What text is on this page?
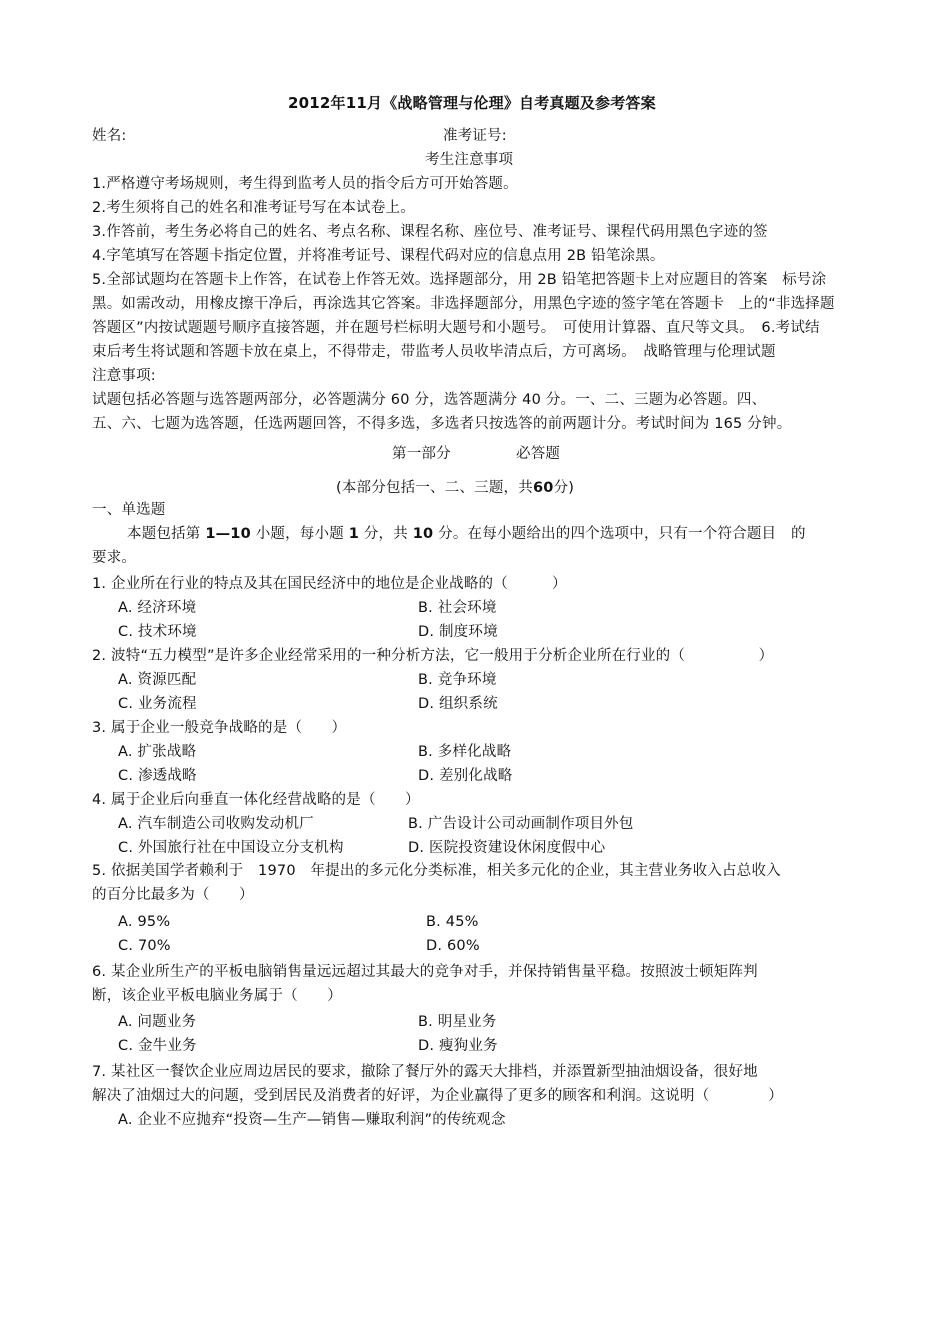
2012年11月《战略管理与伦理》自考真题及参考答案
姓名:	准考证号:
考生注意事项
1.严格遵守考场规则，考生得到监考人员的指令后方可开始答题。
2.考生须将自己的姓名和准考证号写在本试卷上。
3.作答前，考生务必将自己的姓名、考点名称、课程名称、座位号、准考证号、课程代码用黑色字迹的签
4.字笔填写在答题卡指定位置，并将准考证号、课程代码对应的信息点用 2B 铅笔涂黑。
5.全部试题均在答题卡上作答，在试卷上作答无效。选择题部分，用 2B 铅笔把答题卡上对应题目的答案　标号涂
黑。如需改动，用橡皮擦干净后，再涂选其它答案。非选择题部分，用黑色字迹的签字笔在答题卡　上的“非选择题
答题区”内按试题题号顺序直接答题，并在题号栏标明大题号和小题号。　可使用计算器、直尺等文具。　6.考试结
束后考生将试题和答题卡放在桌上，不得带走，带监考人员收毕清点后，方可离场。　战略管理与伦理试题
注意事项:
试题包括必答题与选答题两部分，必答题满分 60 分，选答题满分 40 分。一、二、三题为必答题。四、
五、六、七题为选答题，任选两题回答，不得多选，多选者只按选答的前两题计分。考试时间为 165 分钟。
第一部分	必答题
(本部分包括一、二、三题，共60分)
一、单选题
本题包括第 1—10 小题，每小题 1 分，共 10 分。在每小题给出的四个选项中，只有一个符合题目　的
要求。
1. 企业所在行业的特点及其在国民经济中的地位是企业战略的（　　　）
A. 经济环境	B. 社会环境
C. 技术环境	D. 制度环境
2. 波特“五力模型”是许多企业经常采用的一种分析方法，它一般用于分析企业所在行业的（　　　　　）
A. 资源匹配	B. 竞争环境
C. 业务流程	D. 组织系统
3. 属于企业一般竞争战略的是（　　）
A. 扩张战略	B. 多样化战略
C. 渗透战略	D. 差别化战略
4. 属于企业后向垂直一体化经营战略的是（　　）
A. 汽车制造公司收购发动机厂	B. 广告设计公司动画制作项目外包
C. 外国旅行社在中国设立分支机构	D. 医院投资建设休闲度假中心
5. 依据美国学者赖利于　1970　年提出的多元化分类标准，相关多元化的企业，其主营业务收入占总收入
的百分比最多为（　　）
A. 95%	B. 45%
C. 70%	D. 60%
6. 某企业所生产的平板电脑销售量远远超过其最大的竞争对手，并保持销售量平稳。按照波士顿矩阵判
断，该企业平板电脑业务属于（　　）
A. 问题业务	B. 明星业务
C. 金牛业务	D. 瘦狗业务
7. 某社区一餐饮企业应周边居民的要求，撤除了餐厅外的露天大排档，并添置新型抽油烟设备，很好地
解决了油烟过大的问题，受到居民及消费者的好评，为企业赢得了更多的顾客和利润。这说明（　　　　）
A. 企业不应抛弃“投资—生产—销售—赚取利润”的传统观念
